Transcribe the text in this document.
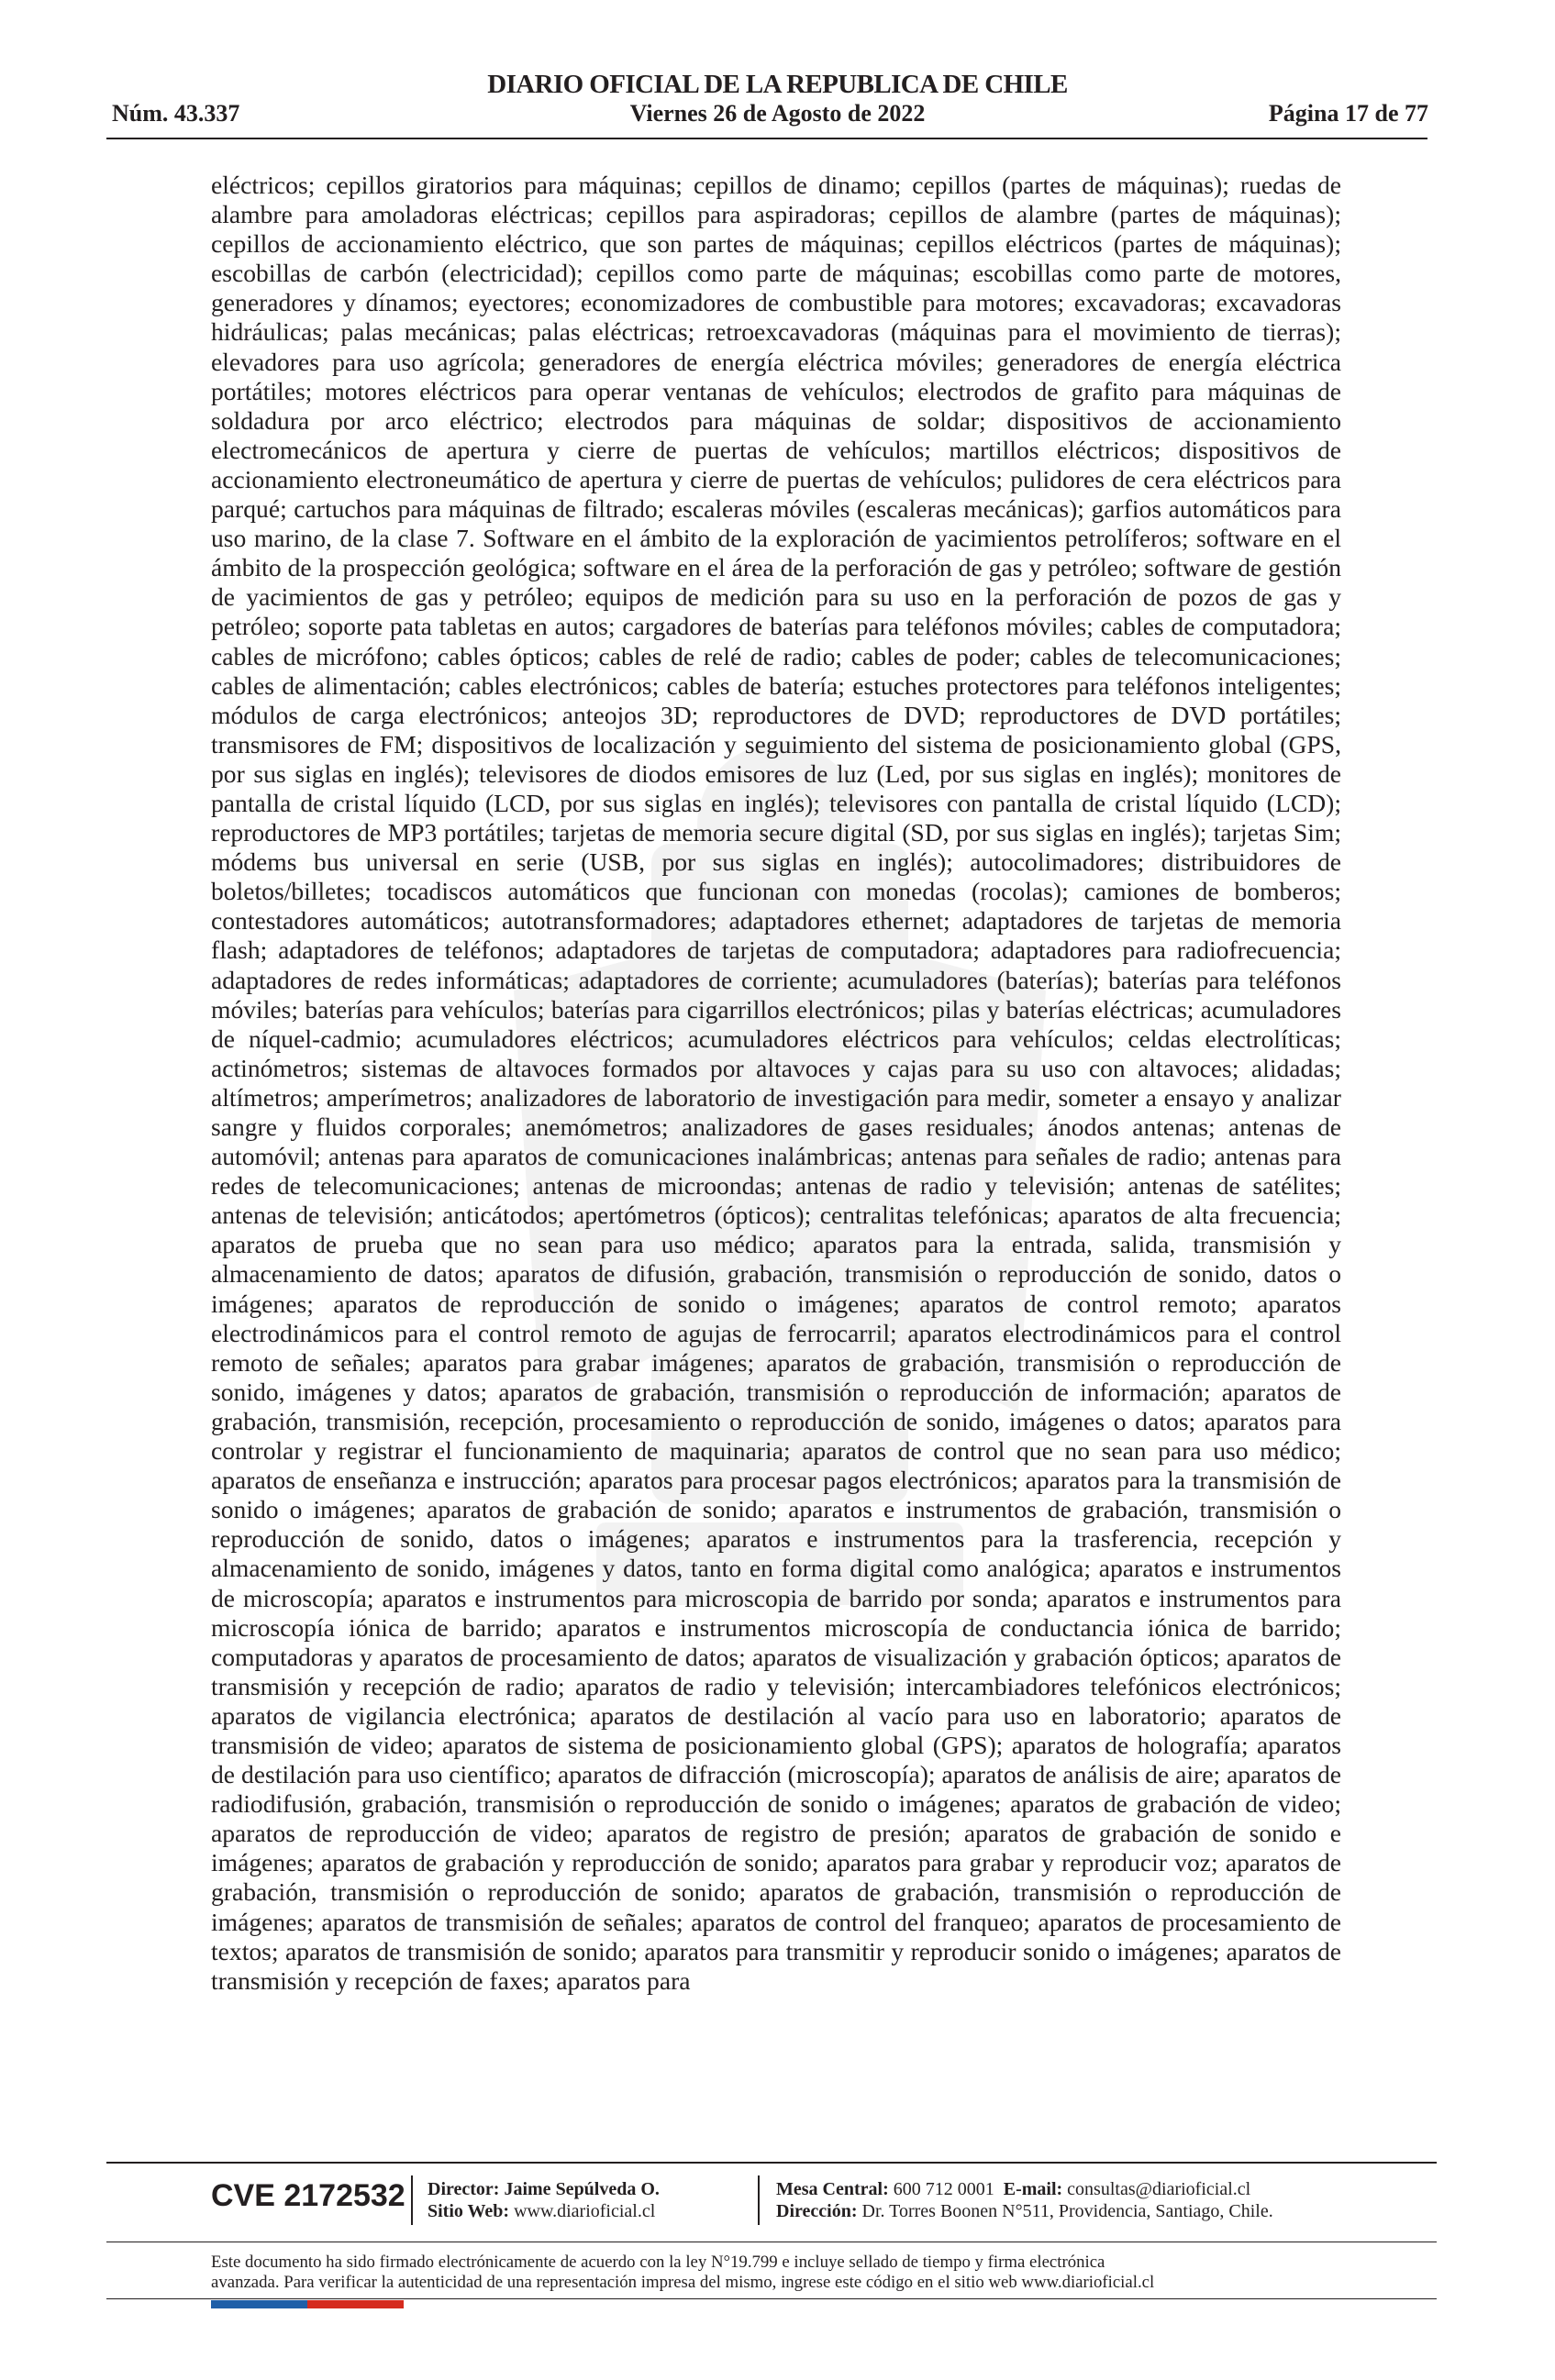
DIARIO OFICIAL DE LA REPUBLICA DE CHILE
Núm. 43.337	Viernes 26 de Agosto de 2022	Página 17 de 77

eléctricos; cepillos giratorios para máquinas; cepillos de dinamo; cepillos (partes de máquinas); ruedas de alambre para amoladoras eléctricas; cepillos para aspiradoras; cepillos de alambre (partes de máquinas); cepillos de accionamiento eléctrico, que son partes de máquinas; cepillos eléctricos (partes de máquinas); escobillas de carbón (electricidad); cepillos como parte de máquinas; escobillas como parte de motores, generadores y dínamos; eyectores; economizadores de combustible para motores; excavadoras; excavadoras hidráulicas; palas mecánicas; palas eléctricas; retroexcavadoras (máquinas para el movimiento de tierras); elevadores para uso agrícola; generadores de energía eléctrica móviles; generadores de energía eléctrica portátiles; motores eléctricos para operar ventanas de vehículos; electrodos de grafito para máquinas de soldadura por arco eléctrico; electrodos para máquinas de soldar; dispositivos de accionamiento electromecánicos de apertura y cierre de puertas de vehículos; martillos eléctricos; dispositivos de accionamiento electroneumático de apertura y cierre de puertas de vehículos; pulidores de cera eléctricos para parqué; cartuchos para máquinas de filtrado; escaleras móviles (escaleras mecánicas); garfios automáticos para uso marino, de la clase 7. Software en el ámbito de la exploración de yacimientos petrolíferos; software en el ámbito de la prospección geológica; software en el área de la perforación de gas y petróleo; software de gestión de yacimientos de gas y petróleo; equipos de medición para su uso en la perforación de pozos de gas y petróleo; soporte pata tabletas en autos; cargadores de baterías para teléfonos móviles; cables de computadora; cables de micrófono; cables ópticos; cables de relé de radio; cables de poder; cables de telecomunicaciones; cables de alimentación; cables electrónicos; cables de batería; estuches protectores para teléfonos inteligentes; módulos de carga electrónicos; anteojos 3D; reproductores de DVD; reproductores de DVD portátiles; transmisores de FM; dispositivos de localización y seguimiento del sistema de posicionamiento global (GPS, por sus siglas en inglés); televisores de diodos emisores de luz (Led, por sus siglas en inglés); monitores de pantalla de cristal líquido (LCD, por sus siglas en inglés); televisores con pantalla de cristal líquido (LCD); reproductores de MP3 portátiles; tarjetas de memoria secure digital (SD, por sus siglas en inglés); tarjetas Sim; módems bus universal en serie (USB, por sus siglas en inglés); autocolimadores; distribuidores de boletos/billetes; tocadiscos automáticos que funcionan con monedas (rocolas); camiones de bomberos; contestadores automáticos; autotransformadores; adaptadores ethernet; adaptadores de tarjetas de memoria flash; adaptadores de teléfonos; adaptadores de tarjetas de computadora; adaptadores para radiofrecuencia; adaptadores de redes informáticas; adaptadores de corriente; acumuladores (baterías); baterías para teléfonos móviles; baterías para vehículos; baterías para cigarrillos electrónicos; pilas y baterías eléctricas; acumuladores de níquel-cadmio; acumuladores eléctricos; acumuladores eléctricos para vehículos; celdas electrolíticas; actinómetros; sistemas de altavoces formados por altavoces y cajas para su uso con altavoces; alidadas; altímetros; amperímetros; analizadores de laboratorio de investigación para medir, someter a ensayo y analizar sangre y fluidos corporales; anemómetros; analizadores de gases residuales; ánodos antenas; antenas de automóvil; antenas para aparatos de comunicaciones inalámbricas; antenas para señales de radio; antenas para redes de telecomunicaciones; antenas de microondas; antenas de radio y televisión; antenas de satélites; antenas de televisión; anticátodos; apertómetros (ópticos); centralitas telefónicas; aparatos de alta frecuencia; aparatos de prueba que no sean para uso médico; aparatos para la entrada, salida, transmisión y almacenamiento de datos; aparatos de difusión, grabación, transmisión o reproducción de sonido, datos o imágenes; aparatos de reproducción de sonido o imágenes; aparatos de control remoto; aparatos electrodinámicos para el control remoto de agujas de ferrocarril; aparatos electrodinámicos para el control remoto de señales; aparatos para grabar imágenes; aparatos de grabación, transmisión o reproducción de sonido, imágenes y datos; aparatos de grabación, transmisión o reproducción de información; aparatos de grabación, transmisión, recepción, procesamiento o reproducción de sonido, imágenes o datos; aparatos para controlar y registrar el funcionamiento de maquinaria; aparatos de control que no sean para uso médico; aparatos de enseñanza e instrucción; aparatos para procesar pagos electrónicos; aparatos para la transmisión de sonido o imágenes; aparatos de grabación de sonido; aparatos e instrumentos de grabación, transmisión o reproducción de sonido, datos o imágenes; aparatos e instrumentos para la trasferencia, recepción y almacenamiento de sonido, imágenes y datos, tanto en forma digital como analógica; aparatos e instrumentos de microscopía; aparatos e instrumentos para microscopia de barrido por sonda; aparatos e instrumentos para microscopía iónica de barrido; aparatos e instrumentos microscopía de conductancia iónica de barrido; computadoras y aparatos de procesamiento de datos; aparatos de visualización y grabación ópticos; aparatos de transmisión y recepción de radio; aparatos de radio y televisión; intercambiadores telefónicos electrónicos; aparatos de vigilancia electrónica; aparatos de destilación al vacío para uso en laboratorio; aparatos de transmisión de video; aparatos de sistema de posicionamiento global (GPS); aparatos de holografía; aparatos de destilación para uso científico; aparatos de difracción (microscopía); aparatos de análisis de aire; aparatos de radiodifusión, grabación, transmisión o reproducción de sonido o imágenes; aparatos de grabación de video; aparatos de reproducción de video; aparatos de registro de presión; aparatos de grabación de sonido e imágenes; aparatos de grabación y reproducción de sonido; aparatos para grabar y reproducir voz; aparatos de grabación, transmisión o reproducción de sonido; aparatos de grabación, transmisión o reproducción de imágenes; aparatos de transmisión de señales; aparatos de control del franqueo; aparatos de procesamiento de textos; aparatos de transmisión de sonido; aparatos para transmitir y reproducir sonido o imágenes; aparatos de transmisión y recepción de faxes; aparatos para

CVE 2172532 Director: Jaime Sepúlveda O.
Sitio Web: www.diarioficial.cl
Mesa Central: 600 712 0001 E-mail: consultas@diarioficial.cl
Dirección: Dr. Torres Boonen N°511, Providencia, Santiago, Chile.
Este documento ha sido firmado electrónicamente de acuerdo con la ley N°19.799 e incluye sellado de tiempo y firma electrónica
avanzada. Para verificar la autenticidad de una representación impresa del mismo, ingrese este código en el sitio web www.diarioficial.cl
